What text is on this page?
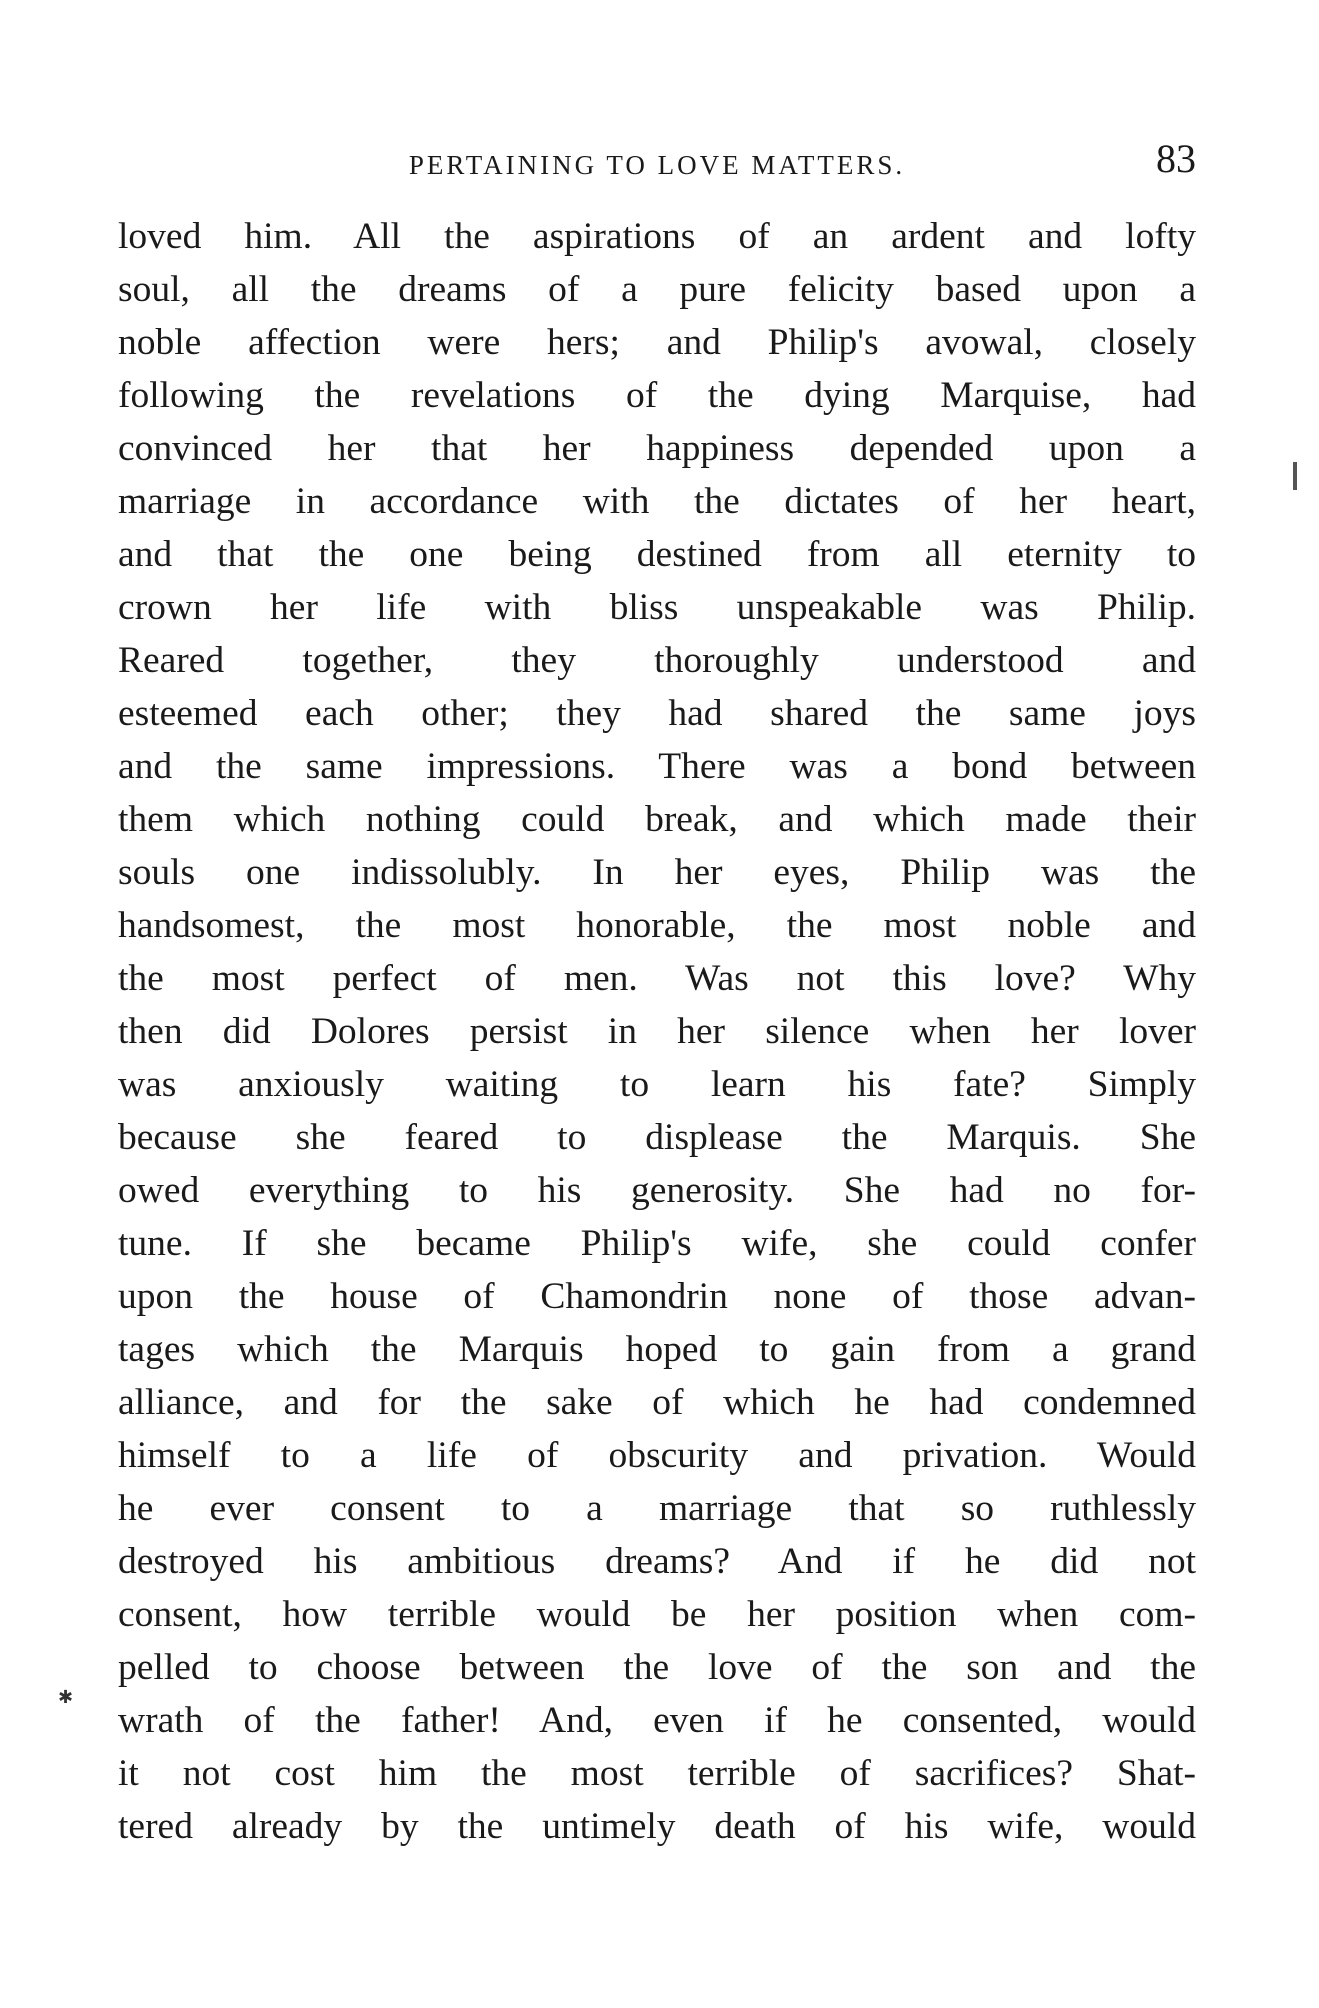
PERTAINING TO LOVE MATTERS.	83
loved him. All the aspirations of an ardent and lofty
soul, all the dreams of a pure felicity based upon a
noble affection were hers; and Philip's avowal, closely
following the revelations of the dying Marquise, had
convinced her that her happiness depended upon a
marriage in accordance with the dictates of her heart,
and that the one being destined from all eternity to
crown her life with bliss unspeakable was Philip.
Reared together, they thoroughly understood and
esteemed each other; they had shared the same joys
and the same impressions. There was a bond between
them which nothing could break, and which made their
souls one indissolubly. In her eyes, Philip was the
handsomest, the most honorable, the most noble and
the most perfect of men. Was not this love? Why
then did Dolores persist in her silence when her lover
was anxiously waiting to learn his fate? Simply
because she feared to displease the Marquis. She
owed everything to his generosity. She had no for-
tune. If she became Philip's wife, she could confer
upon the house of Chamondrin none of those advan-
tages which the Marquis hoped to gain from a grand
alliance, and for the sake of which he had condemned
himself to a life of obscurity and privation. Would
he ever consent to a marriage that so ruthlessly
destroyed his ambitious dreams? And if he did not
consent, how terrible would be her position when com-
pelled to choose between the love of the son and the
wrath of the father! And, even if he consented, would
it not cost him the most terrible of sacrifices? Shat-
tered already by the untimely death of his wife, would
✱
